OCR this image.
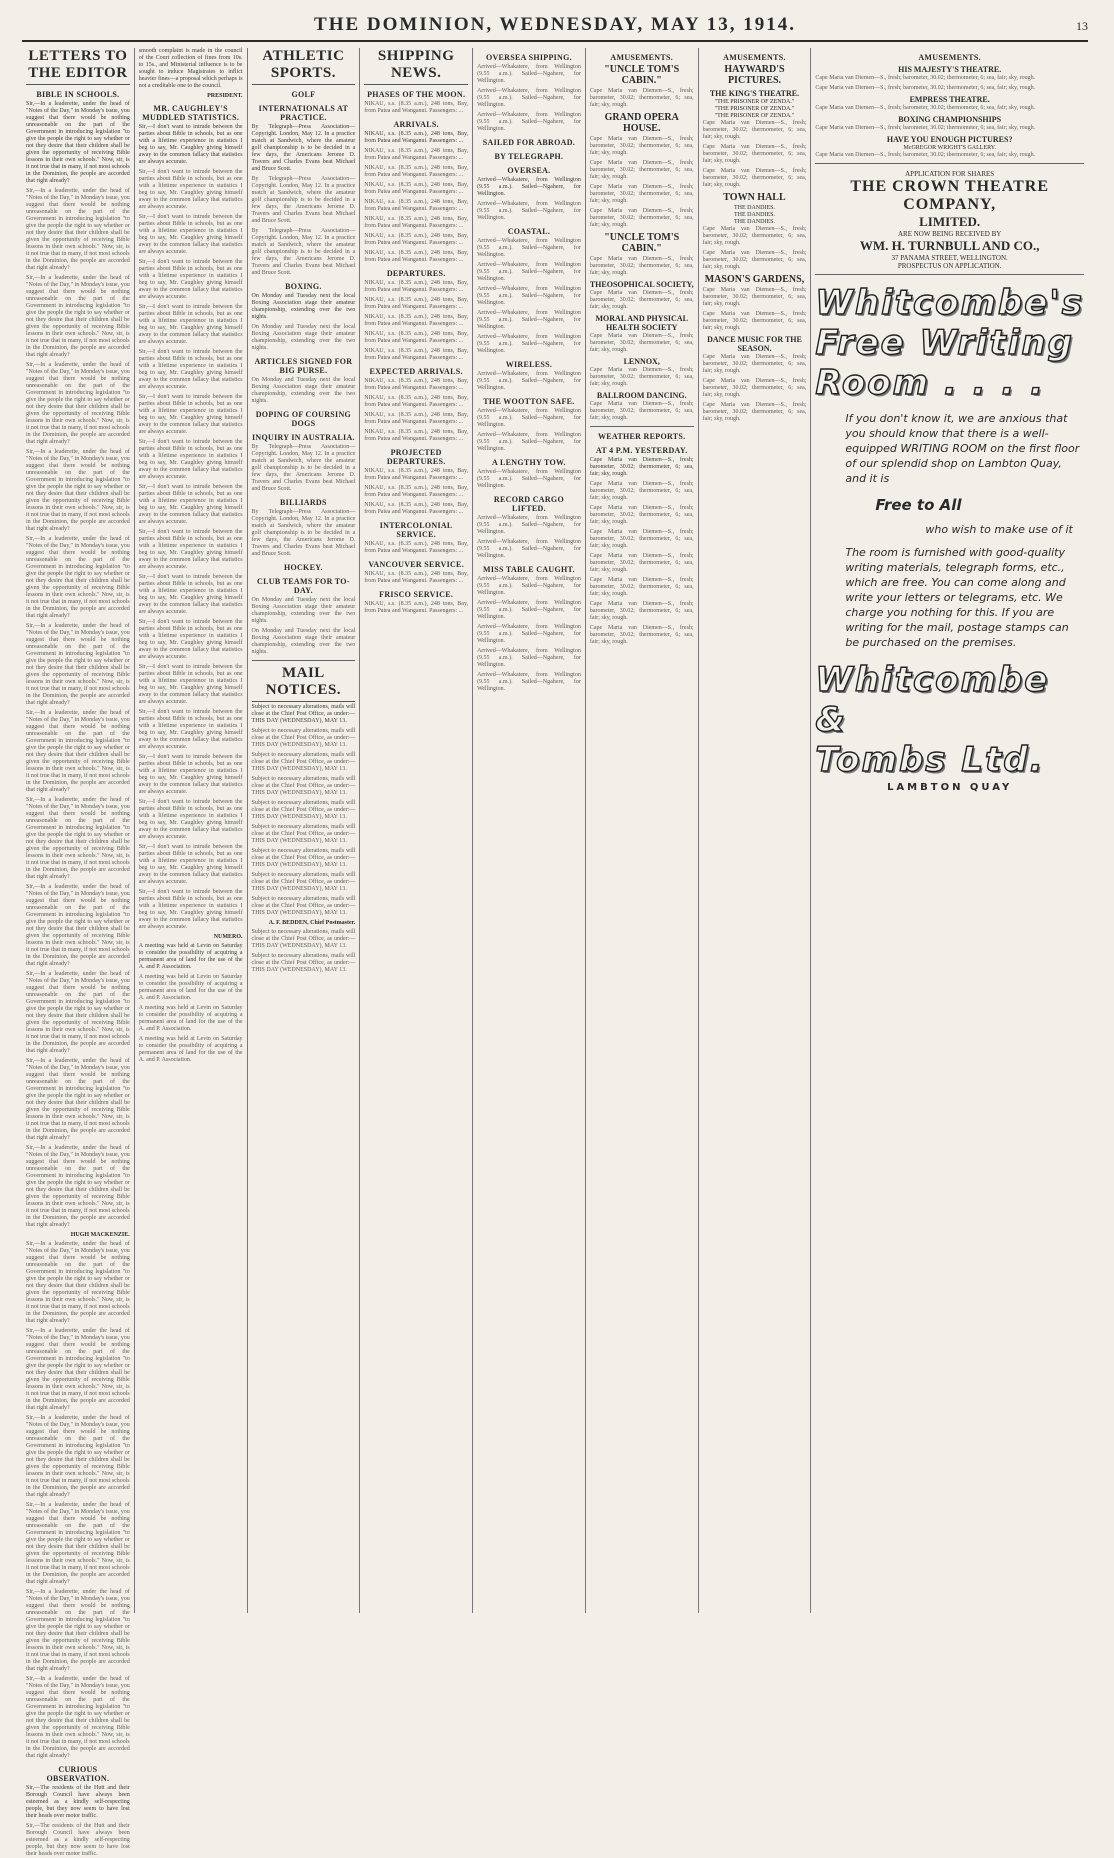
THE DOMINION, WEDNESDAY, MAY 13, 1914.	13
LETTERS TO THE EDITOR
BIBLE IN SCHOOLS.

Sir,—In a leaderette, under the head of "Notes of the Day," in Monday's issue, you suggest that there would be nothing unreasonable on the part of the Government in introducing legislation "to give the people the right to say whether or not they desire that their children shall be given the opportunity of receiving Bible lessons in their own schools." Now, sir, is it not true that in many, if not most schools in the Dominion, the people are accorded that right already?

Sir,—In a leaderette, under the head of "Notes of the Day," in Monday's issue, you suggest that there would be nothing unreasonable on the part of the Government in introducing legislation "to give the people the right to say whether or not they desire that their children shall be given the opportunity of receiving Bible lessons in their own schools." Now, sir, is it not true that in many, if not most schools in the Dominion, the people are accorded that right already?

Sir,—In a leaderette, under the head of "Notes of the Day," in Monday's issue, you suggest that there would be nothing unreasonable on the part of the Government in introducing legislation "to give the people the right to say whether or not they desire that their children shall be given the opportunity of receiving Bible lessons in their own schools." Now, sir, is it not true that in many, if not most schools in the Dominion, the people are accorded that right already?

Sir,—In a leaderette, under the head of "Notes of the Day," in Monday's issue, you suggest that there would be nothing unreasonable on the part of the Government in introducing legislation "to give the people the right to say whether or not they desire that their children shall be given the opportunity of receiving Bible lessons in their own schools." Now, sir, is it not true that in many, if not most schools in the Dominion, the people are accorded that right already?

Sir,—In a leaderette, under the head of "Notes of the Day," in Monday's issue, you suggest that there would be nothing unreasonable on the part of the Government in introducing legislation "to give the people the right to say whether or not they desire that their children shall be given the opportunity of receiving Bible lessons in their own schools." Now, sir, is it not true that in many, if not most schools in the Dominion, the people are accorded that right already?

Sir,—In a leaderette, under the head of "Notes of the Day," in Monday's issue, you suggest that there would be nothing unreasonable on the part of the Government in introducing legislation "to give the people the right to say whether or not they desire that their children shall be given the opportunity of receiving Bible lessons in their own schools." Now, sir, is it not true that in many, if not most schools in the Dominion, the people are accorded that right already?

Sir,—In a leaderette, under the head of "Notes of the Day," in Monday's issue, you suggest that there would be nothing unreasonable on the part of the Government in introducing legislation "to give the people the right to say whether or not they desire that their children shall be given the opportunity of receiving Bible lessons in their own schools." Now, sir, is it not true that in many, if not most schools in the Dominion, the people are accorded that right already?

Sir,—In a leaderette, under the head of "Notes of the Day," in Monday's issue, you suggest that there would be nothing unreasonable on the part of the Government in introducing legislation "to give the people the right to say whether or not they desire that their children shall be given the opportunity of receiving Bible lessons in their own schools." Now, sir, is it not true that in many, if not most schools in the Dominion, the people are accorded that right already?

Sir,—In a leaderette, under the head of "Notes of the Day," in Monday's issue, you suggest that there would be nothing unreasonable on the part of the Government in introducing legislation "to give the people the right to say whether or not they desire that their children shall be given the opportunity of receiving Bible lessons in their own schools." Now, sir, is it not true that in many, if not most schools in the Dominion, the people are accorded that right already?

Sir,—In a leaderette, under the head of "Notes of the Day," in Monday's issue, you suggest that there would be nothing unreasonable on the part of the Government in introducing legislation "to give the people the right to say whether or not they desire that their children shall be given the opportunity of receiving Bible lessons in their own schools." Now, sir, is it not true that in many, if not most schools in the Dominion, the people are accorded that right already?

Sir,—In a leaderette, under the head of "Notes of the Day," in Monday's issue, you suggest that there would be nothing unreasonable on the part of the Government in introducing legislation "to give the people the right to say whether or not they desire that their children shall be given the opportunity of receiving Bible lessons in their own schools." Now, sir, is it not true that in many, if not most schools in the Dominion, the people are accorded that right already?

Sir,—In a leaderette, under the head of "Notes of the Day," in Monday's issue, you suggest that there would be nothing unreasonable on the part of the Government in introducing legislation "to give the people the right to say whether or not they desire that their children shall be given the opportunity of receiving Bible lessons in their own schools." Now, sir, is it not true that in many, if not most schools in the Dominion, the people are accorded that right already?

Sir,—In a leaderette, under the head of "Notes of the Day," in Monday's issue, you suggest that there would be nothing unreasonable on the part of the Government in introducing legislation "to give the people the right to say whether or not they desire that their children shall be given the opportunity of receiving Bible lessons in their own schools." Now, sir, is it not true that in many, if not most schools in the Dominion, the people are accorded that right already?

HUGH MACKENZIE.

Sir,—In a leaderette, under the head of "Notes of the Day," in Monday's issue, you suggest that there would be nothing unreasonable on the part of the Government in introducing legislation "to give the people the right to say whether or not they desire that their children shall be given the opportunity of receiving Bible lessons in their own schools." Now, sir, is it not true that in many, if not most schools in the Dominion, the people are accorded that right already?

Sir,—In a leaderette, under the head of "Notes of the Day," in Monday's issue, you suggest that there would be nothing unreasonable on the part of the Government in introducing legislation "to give the people the right to say whether or not they desire that their children shall be given the opportunity of receiving Bible lessons in their own schools." Now, sir, is it not true that in many, if not most schools in the Dominion, the people are accorded that right already?

Sir,—In a leaderette, under the head of "Notes of the Day," in Monday's issue, you suggest that there would be nothing unreasonable on the part of the Government in introducing legislation "to give the people the right to say whether or not they desire that their children shall be given the opportunity of receiving Bible lessons in their own schools." Now, sir, is it not true that in many, if not most schools in the Dominion, the people are accorded that right already?

Sir,—In a leaderette, under the head of "Notes of the Day," in Monday's issue, you suggest that there would be nothing unreasonable on the part of the Government in introducing legislation "to give the people the right to say whether or not they desire that their children shall be given the opportunity of receiving Bible lessons in their own schools." Now, sir, is it not true that in many, if not most schools in the Dominion, the people are accorded that right already?

Sir,—In a leaderette, under the head of "Notes of the Day," in Monday's issue, you suggest that there would be nothing unreasonable on the part of the Government in introducing legislation "to give the people the right to say whether or not they desire that their children shall be given the opportunity of receiving Bible lessons in their own schools." Now, sir, is it not true that in many, if not most schools in the Dominion, the people are accorded that right already?

Sir,—In a leaderette, under the head of "Notes of the Day," in Monday's issue, you suggest that there would be nothing unreasonable on the part of the Government in introducing legislation "to give the people the right to say whether or not they desire that their children shall be given the opportunity of receiving Bible lessons in their own schools." Now, sir, is it not true that in many, if not most schools in the Dominion, the people are accorded that right already?

CURIOUS OBSERVATION.

Sir,—The residents of the Hutt and their Borough Council have always been esteemed as a kindly self-respecting people, but they now seem to have lost their heads over motor traffic.

Sir,—The residents of the Hutt and their Borough Council have always been esteemed as a kindly self-respecting people, but they now seem to have lost their heads over motor traffic.

smooth complaint is made in the council of the Court collection of fines from 10s. to 15s., and Ministerial influence is to be sought to induce Magistrates to inflict heavier fines—a proposal which perhaps is not a creditable one to the council.

PRESIDENT.

MR. CAUGHLEY'S MUDDLED STATISTICS.

Sir,—I don't want to intrude between the parties about Bible in schools, but as one with a lifetime experience in statistics I beg to say, Mr. Caughley giving himself away to the common fallacy that statistics are always accurate.

Sir,—I don't want to intrude between the parties about Bible in schools, but as one with a lifetime experience in statistics I beg to say, Mr. Caughley giving himself away to the common fallacy that statistics are always accurate.

Sir,—I don't want to intrude between the parties about Bible in schools, but as one with a lifetime experience in statistics I beg to say, Mr. Caughley giving himself away to the common fallacy that statistics are always accurate.

Sir,—I don't want to intrude between the parties about Bible in schools, but as one with a lifetime experience in statistics I beg to say, Mr. Caughley giving himself away to the common fallacy that statistics are always accurate.

Sir,—I don't want to intrude between the parties about Bible in schools, but as one with a lifetime experience in statistics I beg to say, Mr. Caughley giving himself away to the common fallacy that statistics are always accurate.

Sir,—I don't want to intrude between the parties about Bible in schools, but as one with a lifetime experience in statistics I beg to say, Mr. Caughley giving himself away to the common fallacy that statistics are always accurate.

Sir,—I don't want to intrude between the parties about Bible in schools, but as one with a lifetime experience in statistics I beg to say, Mr. Caughley giving himself away to the common fallacy that statistics are always accurate.

Sir,—I don't want to intrude between the parties about Bible in schools, but as one with a lifetime experience in statistics I beg to say, Mr. Caughley giving himself away to the common fallacy that statistics are always accurate.

Sir,—I don't want to intrude between the parties about Bible in schools, but as one with a lifetime experience in statistics I beg to say, Mr. Caughley giving himself away to the common fallacy that statistics are always accurate.

Sir,—I don't want to intrude between the parties about Bible in schools, but as one with a lifetime experience in statistics I beg to say, Mr. Caughley giving himself away to the common fallacy that statistics are always accurate.

Sir,—I don't want to intrude between the parties about Bible in schools, but as one with a lifetime experience in statistics I beg to say, Mr. Caughley giving himself away to the common fallacy that statistics are always accurate.

Sir,—I don't want to intrude between the parties about Bible in schools, but as one with a lifetime experience in statistics I beg to say, Mr. Caughley giving himself away to the common fallacy that statistics are always accurate.

Sir,—I don't want to intrude between the parties about Bible in schools, but as one with a lifetime experience in statistics I beg to say, Mr. Caughley giving himself away to the common fallacy that statistics are always accurate.

Sir,—I don't want to intrude between the parties about Bible in schools, but as one with a lifetime experience in statistics I beg to say, Mr. Caughley giving himself away to the common fallacy that statistics are always accurate.

Sir,—I don't want to intrude between the parties about Bible in schools, but as one with a lifetime experience in statistics I beg to say, Mr. Caughley giving himself away to the common fallacy that statistics are always accurate.

Sir,—I don't want to intrude between the parties about Bible in schools, but as one with a lifetime experience in statistics I beg to say, Mr. Caughley giving himself away to the common fallacy that statistics are always accurate.

Sir,—I don't want to intrude between the parties about Bible in schools, but as one with a lifetime experience in statistics I beg to say, Mr. Caughley giving himself away to the common fallacy that statistics are always accurate.

Sir,—I don't want to intrude between the parties about Bible in schools, but as one with a lifetime experience in statistics I beg to say, Mr. Caughley giving himself away to the common fallacy that statistics are always accurate.

NUMERO.

A meeting was held at Levin on Saturday to consider the possibility of acquiring a permanent area of land for the use of the A. and P. Association.

A meeting was held at Levin on Saturday to consider the possibility of acquiring a permanent area of land for the use of the A. and P. Association.

A meeting was held at Levin on Saturday to consider the possibility of acquiring a permanent area of land for the use of the A. and P. Association.

A meeting was held at Levin on Saturday to consider the possibility of acquiring a permanent area of land for the use of the A. and P. Association.

ATHLETIC SPORTS.
GOLF
INTERNATIONALS AT PRACTICE.

By Telegraph—Press Association—Copyright. London, May 12. In a practice match at Sandwich, where the amateur golf championship is to be decided in a few days, the Americans Jerome D. Travers and Charles Evans beat Michael and Bruce Scott.

By Telegraph—Press Association—Copyright. London, May 12. In a practice match at Sandwich, where the amateur golf championship is to be decided in a few days, the Americans Jerome D. Travers and Charles Evans beat Michael and Bruce Scott.

By Telegraph—Press Association—Copyright. London, May 12. In a practice match at Sandwich, where the amateur golf championship is to be decided in a few days, the Americans Jerome D. Travers and Charles Evans beat Michael and Bruce Scott.

BOXING.

On Monday and Tuesday next the local Boxing Association stage their amateur championship, extending over the two nights.

On Monday and Tuesday next the local Boxing Association stage their amateur championship, extending over the two nights.

ARTICLES SIGNED FOR BIG PURSE.

On Monday and Tuesday next the local Boxing Association stage their amateur championship, extending over the two nights.

DOPING OF COURSING DOGS
INQUIRY IN AUSTRALIA.

By Telegraph—Press Association—Copyright. London, May 12. In a practice match at Sandwich, where the amateur golf championship is to be decided in a few days, the Americans Jerome D. Travers and Charles Evans beat Michael and Bruce Scott.

BILLIARDS

By Telegraph—Press Association—Copyright. London, May 12. In a practice match at Sandwich, where the amateur golf championship is to be decided in a few days, the Americans Jerome D. Travers and Charles Evans beat Michael and Bruce Scott.

HOCKEY.
CLUB TEAMS FOR TO-DAY.

On Monday and Tuesday next the local Boxing Association stage their amateur championship, extending over the two nights.

On Monday and Tuesday next the local Boxing Association stage their amateur championship, extending over the two nights.

MAIL NOTICES.

Subject to necessary alterations, mails will close at the Chief Post Office, as under:— THIS DAY (WEDNESDAY), MAY 13.

Subject to necessary alterations, mails will close at the Chief Post Office, as under:— THIS DAY (WEDNESDAY), MAY 13.

Subject to necessary alterations, mails will close at the Chief Post Office, as under:— THIS DAY (WEDNESDAY), MAY 13.

Subject to necessary alterations, mails will close at the Chief Post Office, as under:— THIS DAY (WEDNESDAY), MAY 13.

Subject to necessary alterations, mails will close at the Chief Post Office, as under:— THIS DAY (WEDNESDAY), MAY 13.

Subject to necessary alterations, mails will close at the Chief Post Office, as under:— THIS DAY (WEDNESDAY), MAY 13.

Subject to necessary alterations, mails will close at the Chief Post Office, as under:— THIS DAY (WEDNESDAY), MAY 13.

Subject to necessary alterations, mails will close at the Chief Post Office, as under:— THIS DAY (WEDNESDAY), MAY 13.

Subject to necessary alterations, mails will close at the Chief Post Office, as under:— THIS DAY (WEDNESDAY), MAY 13.

A. F. BEDDEN, Chief Postmaster.

Subject to necessary alterations, mails will close at the Chief Post Office, as under:— THIS DAY (WEDNESDAY), MAY 13.

Subject to necessary alterations, mails will close at the Chief Post Office, as under:— THIS DAY (WEDNESDAY), MAY 13.

SHIPPING NEWS.
PHASES OF THE MOON.

NIKAU, s.s. (8.35 a.m.), 248 tons, Bay, from Patea and Wanganui. Passengers: ...

ARRIVALS.

NIKAU, s.s. (8.35 a.m.), 248 tons, Bay, from Patea and Wanganui. Passengers: ...

NIKAU, s.s. (8.35 a.m.), 248 tons, Bay, from Patea and Wanganui. Passengers: ...

NIKAU, s.s. (8.35 a.m.), 248 tons, Bay, from Patea and Wanganui. Passengers: ...

NIKAU, s.s. (8.35 a.m.), 248 tons, Bay, from Patea and Wanganui. Passengers: ...

NIKAU, s.s. (8.35 a.m.), 248 tons, Bay, from Patea and Wanganui. Passengers: ...

NIKAU, s.s. (8.35 a.m.), 248 tons, Bay, from Patea and Wanganui. Passengers: ...

NIKAU, s.s. (8.35 a.m.), 248 tons, Bay, from Patea and Wanganui. Passengers: ...

NIKAU, s.s. (8.35 a.m.), 248 tons, Bay, from Patea and Wanganui. Passengers: ...

DEPARTURES.

NIKAU, s.s. (8.35 a.m.), 248 tons, Bay, from Patea and Wanganui. Passengers: ...

NIKAU, s.s. (8.35 a.m.), 248 tons, Bay, from Patea and Wanganui. Passengers: ...

NIKAU, s.s. (8.35 a.m.), 248 tons, Bay, from Patea and Wanganui. Passengers: ...

NIKAU, s.s. (8.35 a.m.), 248 tons, Bay, from Patea and Wanganui. Passengers: ...

NIKAU, s.s. (8.35 a.m.), 248 tons, Bay, from Patea and Wanganui. Passengers: ...

EXPECTED ARRIVALS.

NIKAU, s.s. (8.35 a.m.), 248 tons, Bay, from Patea and Wanganui. Passengers: ...

NIKAU, s.s. (8.35 a.m.), 248 tons, Bay, from Patea and Wanganui. Passengers: ...

NIKAU, s.s. (8.35 a.m.), 248 tons, Bay, from Patea and Wanganui. Passengers: ...

NIKAU, s.s. (8.35 a.m.), 248 tons, Bay, from Patea and Wanganui. Passengers: ...

PROJECTED DEPARTURES.

NIKAU, s.s. (8.35 a.m.), 248 tons, Bay, from Patea and Wanganui. Passengers: ...

NIKAU, s.s. (8.35 a.m.), 248 tons, Bay, from Patea and Wanganui. Passengers: ...

NIKAU, s.s. (8.35 a.m.), 248 tons, Bay, from Patea and Wanganui. Passengers: ...

INTERCOLONIAL SERVICE.

NIKAU, s.s. (8.35 a.m.), 248 tons, Bay, from Patea and Wanganui. Passengers: ...

VANCOUVER SERVICE.

NIKAU, s.s. (8.35 a.m.), 248 tons, Bay, from Patea and Wanganui. Passengers: ...

FRISCO SERVICE.

NIKAU, s.s. (8.35 a.m.), 248 tons, Bay, from Patea and Wanganui. Passengers: ...

OVERSEA SHIPPING.

Arrived—Whakatere, from Wellington (9.55 a.m.). Sailed—Ngahere, for Wellington.

Arrived—Whakatere, from Wellington (9.55 a.m.). Sailed—Ngahere, for Wellington.

Arrived—Whakatere, from Wellington (9.55 a.m.). Sailed—Ngahere, for Wellington.

SAILED FOR ABROAD.
BY TELEGRAPH.
OVERSEA.

Arrived—Whakatere, from Wellington (9.55 a.m.). Sailed—Ngahere, for Wellington.

Arrived—Whakatere, from Wellington (9.55 a.m.). Sailed—Ngahere, for Wellington.

COASTAL.

Arrived—Whakatere, from Wellington (9.55 a.m.). Sailed—Ngahere, for Wellington.

Arrived—Whakatere, from Wellington (9.55 a.m.). Sailed—Ngahere, for Wellington.

Arrived—Whakatere, from Wellington (9.55 a.m.). Sailed—Ngahere, for Wellington.

Arrived—Whakatere, from Wellington (9.55 a.m.). Sailed—Ngahere, for Wellington.

Arrived—Whakatere, from Wellington (9.55 a.m.). Sailed—Ngahere, for Wellington.

WIRELESS.

Arrived—Whakatere, from Wellington (9.55 a.m.). Sailed—Ngahere, for Wellington.

THE WOOTTON SAFE.

Arrived—Whakatere, from Wellington (9.55 a.m.). Sailed—Ngahere, for Wellington.

Arrived—Whakatere, from Wellington (9.55 a.m.). Sailed—Ngahere, for Wellington.

A LENGTHY TOW.

Arrived—Whakatere, from Wellington (9.55 a.m.). Sailed—Ngahere, for Wellington.

RECORD CARGO LIFTED.

Arrived—Whakatere, from Wellington (9.55 a.m.). Sailed—Ngahere, for Wellington.

Arrived—Whakatere, from Wellington (9.55 a.m.). Sailed—Ngahere, for Wellington.

MISS TABLE CAUGHT.

Arrived—Whakatere, from Wellington (9.55 a.m.). Sailed—Ngahere, for Wellington.

Arrived—Whakatere, from Wellington (9.55 a.m.). Sailed—Ngahere, for Wellington.

Arrived—Whakatere, from Wellington (9.55 a.m.). Sailed—Ngahere, for Wellington.

Arrived—Whakatere, from Wellington (9.55 a.m.). Sailed—Ngahere, for Wellington.

Arrived—Whakatere, from Wellington (9.55 a.m.). Sailed—Ngahere, for Wellington.

AMUSEMENTS.
"UNCLE TOM'S CABIN."

Cape Maria van Diemen—S., fresh; barometer, 30.02; thermometer, 6; sea, fair; sky, rough.

GRAND OPERA HOUSE.

Cape Maria van Diemen—S., fresh; barometer, 30.02; thermometer, 6; sea, fair; sky, rough.

Cape Maria van Diemen—S., fresh; barometer, 30.02; thermometer, 6; sea, fair; sky, rough.

Cape Maria van Diemen—S., fresh; barometer, 30.02; thermometer, 6; sea, fair; sky, rough.

Cape Maria van Diemen—S., fresh; barometer, 30.02; thermometer, 6; sea, fair; sky, rough.

"UNCLE TOM'S CABIN."

Cape Maria van Diemen—S., fresh; barometer, 30.02; thermometer, 6; sea, fair; sky, rough.

THEOSOPHICAL SOCIETY,

Cape Maria van Diemen—S., fresh; barometer, 30.02; thermometer, 6; sea, fair; sky, rough.

MORAL AND PHYSICAL HEALTH SOCIETY

Cape Maria van Diemen—S., fresh; barometer, 30.02; thermometer, 6; sea, fair; sky, rough.

LENNOX,

Cape Maria van Diemen—S., fresh; barometer, 30.02; thermometer, 6; sea, fair; sky, rough.

BALLROOM DANCING.

Cape Maria van Diemen—S., fresh; barometer, 30.02; thermometer, 6; sea, fair; sky, rough.

WEATHER REPORTS.
AT 4 P.M. YESTERDAY.

Cape Maria van Diemen—S., fresh; barometer, 30.02; thermometer, 6; sea, fair; sky, rough.

Cape Maria van Diemen—S., fresh; barometer, 30.02; thermometer, 6; sea, fair; sky, rough.

Cape Maria van Diemen—S., fresh; barometer, 30.02; thermometer, 6; sea, fair; sky, rough.

Cape Maria van Diemen—S., fresh; barometer, 30.02; thermometer, 6; sea, fair; sky, rough.

Cape Maria van Diemen—S., fresh; barometer, 30.02; thermometer, 6; sea, fair; sky, rough.

Cape Maria van Diemen—S., fresh; barometer, 30.02; thermometer, 6; sea, fair; sky, rough.

Cape Maria van Diemen—S., fresh; barometer, 30.02; thermometer, 6; sea, fair; sky, rough.

Cape Maria van Diemen—S., fresh; barometer, 30.02; thermometer, 6; sea, fair; sky, rough.

AMUSEMENTS.
HAYWARD'S PICTURES.
THE KING'S THEATRE.
"THE PRISONER OF ZENDA."
"THE PRISONER OF ZENDA."
"THE PRISONER OF ZENDA."

Cape Maria van Diemen—S., fresh; barometer, 30.02; thermometer, 6; sea, fair; sky, rough.

Cape Maria van Diemen—S., fresh; barometer, 30.02; thermometer, 6; sea, fair; sky, rough.

Cape Maria van Diemen—S., fresh; barometer, 30.02; thermometer, 6; sea, fair; sky, rough.

TOWN HALL
THE DANDIES.
THE DANDIES.
THE DANDIES.

Cape Maria van Diemen—S., fresh; barometer, 30.02; thermometer, 6; sea, fair; sky, rough.

Cape Maria van Diemen—S., fresh; barometer, 30.02; thermometer, 6; sea, fair; sky, rough.

MASON'S GARDENS,

Cape Maria van Diemen—S., fresh; barometer, 30.02; thermometer, 6; sea, fair; sky, rough.

Cape Maria van Diemen—S., fresh; barometer, 30.02; thermometer, 6; sea, fair; sky, rough.

DANCE MUSIC FOR THE SEASON.

Cape Maria van Diemen—S., fresh; barometer, 30.02; thermometer, 6; sea, fair; sky, rough.

Cape Maria van Diemen—S., fresh; barometer, 30.02; thermometer, 6; sea, fair; sky, rough.

Cape Maria van Diemen—S., fresh; barometer, 30.02; thermometer, 6; sea, fair; sky, rough.

AMUSEMENTS.
HIS MAJESTY'S THEATRE.

Cape Maria van Diemen—S., fresh; barometer, 30.02; thermometer, 6; sea, fair; sky, rough.

Cape Maria van Diemen—S., fresh; barometer, 30.02; thermometer, 6; sea, fair; sky, rough.

EMPRESS THEATRE.

Cape Maria van Diemen—S., fresh; barometer, 30.02; thermometer, 6; sea, fair; sky, rough.

BOXING CHAMPIONSHIPS

Cape Maria van Diemen—S., fresh; barometer, 30.02; thermometer, 6; sea, fair; sky, rough.

HAVE YOU ENOUGH PICTURES?
McGREGOR WRIGHT'S GALLERY.

Cape Maria van Diemen—S., fresh; barometer, 30.02; thermometer, 6; sea, fair; sky, rough.

APPLICATION FOR SHARES
THE CROWN THEATRE COMPANY,
LIMITED.
ARE NOW BEING RECEIVED BY
WM. H. TURNBULL AND CO.,
37 PANAMA STREET, WELLINGTON.
PROSPECTUS ON APPLICATION.
Whitcombe's
Free Writing
Room . . . .
If you don't know it, we are anxious that you should know that there is a well-equipped WRITING ROOM on the first floor of our splendid shop on Lambton Quay, and it is
Free to All
who wish to make use of it
The room is furnished with good-quality writing materials, telegraph forms, etc., which are free. You can come along and write your letters or telegrams, etc. We charge you nothing for this. If you are writing for the mail, postage stamps can be purchased on the premises.
Whitcombe &
Tombs Ltd.
LAMBTON QUAY
